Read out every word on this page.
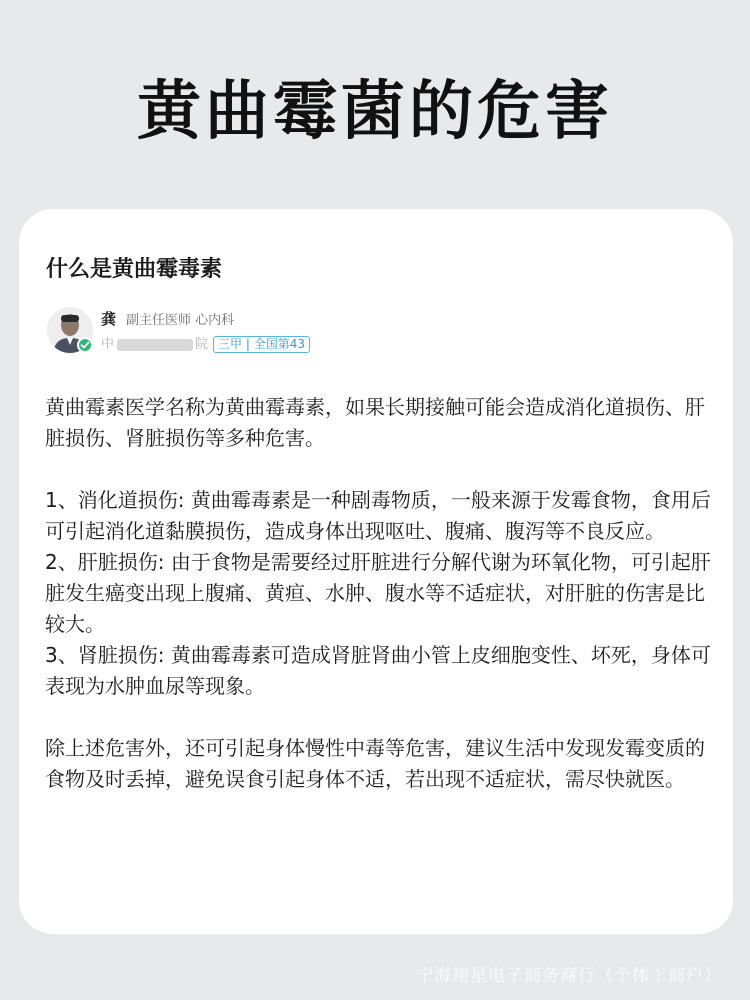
黄曲霉菌的危害
什么是黄曲霉毒素
龚 副主任医师 心内科
中	院 三甲 | 全国第43

黄曲霉素医学名称为黄曲霉毒素，如果长期接触可能会造成消化道损伤、肝脏损伤、肾脏损伤等多种危害。

1、消化道损伤: 黄曲霉毒素是一种剧毒物质，一般来源于发霉食物，食用后可引起消化道黏膜损伤，造成身体出现呕吐、腹痛、腹泻等不良反应。

2、肝脏损伤: 由于食物是需要经过肝脏进行分解代谢为环氧化物，可引起肝脏发生癌变出现上腹痛、黄疸、水肿、腹水等不适症状，对肝脏的伤害是比较大。

3、肾脏损伤: 黄曲霉毒素可造成肾脏肾曲小管上皮细胞变性、坏死，身体可表现为水肿血尿等现象。

除上述危害外，还可引起身体慢性中毒等危害，建议生活中发现发霉变质的食物及时丢掉，避免误食引起身体不适，若出现不适症状，需尽快就医。

宁海翊星电子商务商行（个体工商户）
